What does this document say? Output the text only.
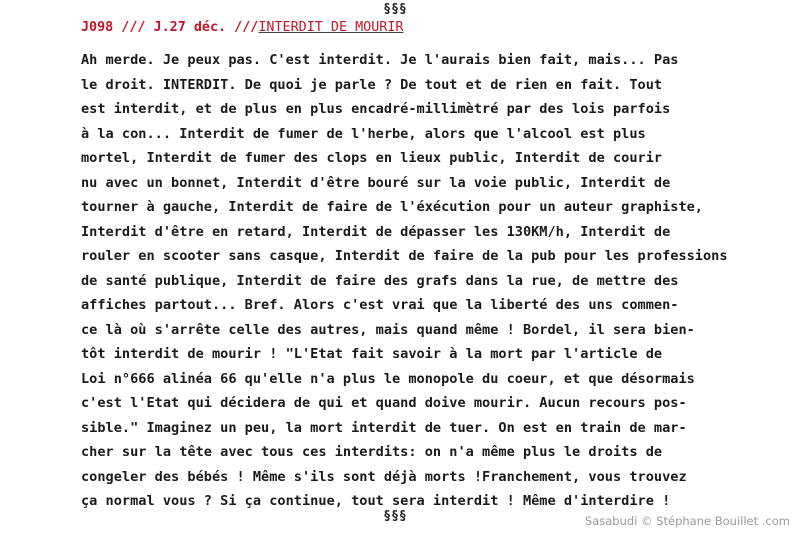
§§§
J098 /// J.27 déc. ///INTERDIT DE MOURIR
Ah merde. Je peux pas. C'est interdit. Je l'aurais bien fait, mais... Pas
le droit. INTERDIT. De quoi je parle ? De tout et de rien en fait. Tout
est interdit, et de plus en plus encadré-millimètré par des lois parfois
à la con... Interdit de fumer de l'herbe, alors que l'alcool est plus
mortel, Interdit de fumer des clops en lieux public, Interdit de courir
nu avec un bonnet, Interdit d'être bouré sur la voie public, Interdit de
tourner à gauche, Interdit de faire de l'éxécution pour un auteur graphiste,
Interdit d'être en retard, Interdit de dépasser les 130KM/h, Interdit de
rouler en scooter sans casque, Interdit de faire de la pub pour les professions
de santé publique, Interdit de faire des grafs dans la rue, de mettre des
affiches partout... Bref. Alors c'est vrai que la liberté des uns commen-
ce là où s'arrête celle des autres, mais quand même ! Bordel, il sera bien-
tôt interdit de mourir ! "L'Etat fait savoir à la mort par l'article de
Loi n°666 alinéa 66 qu'elle n'a plus le monopole du coeur, et que désormais
c'est l'Etat qui décidera de qui et quand doive mourir. Aucun recours pos-
sible." Imaginez un peu, la mort interdit de tuer. On est en train de mar-
cher sur la tête avec tous ces interdits: on n'a même plus le droits de
congeler des bébés ! Même s'ils sont déjà morts !Franchement, vous trouvez
ça normal vous ? Si ça continue, tout sera interdit ! Même d'interdire !
§§§	Sasabudi © Stéphane Bouillet .com
